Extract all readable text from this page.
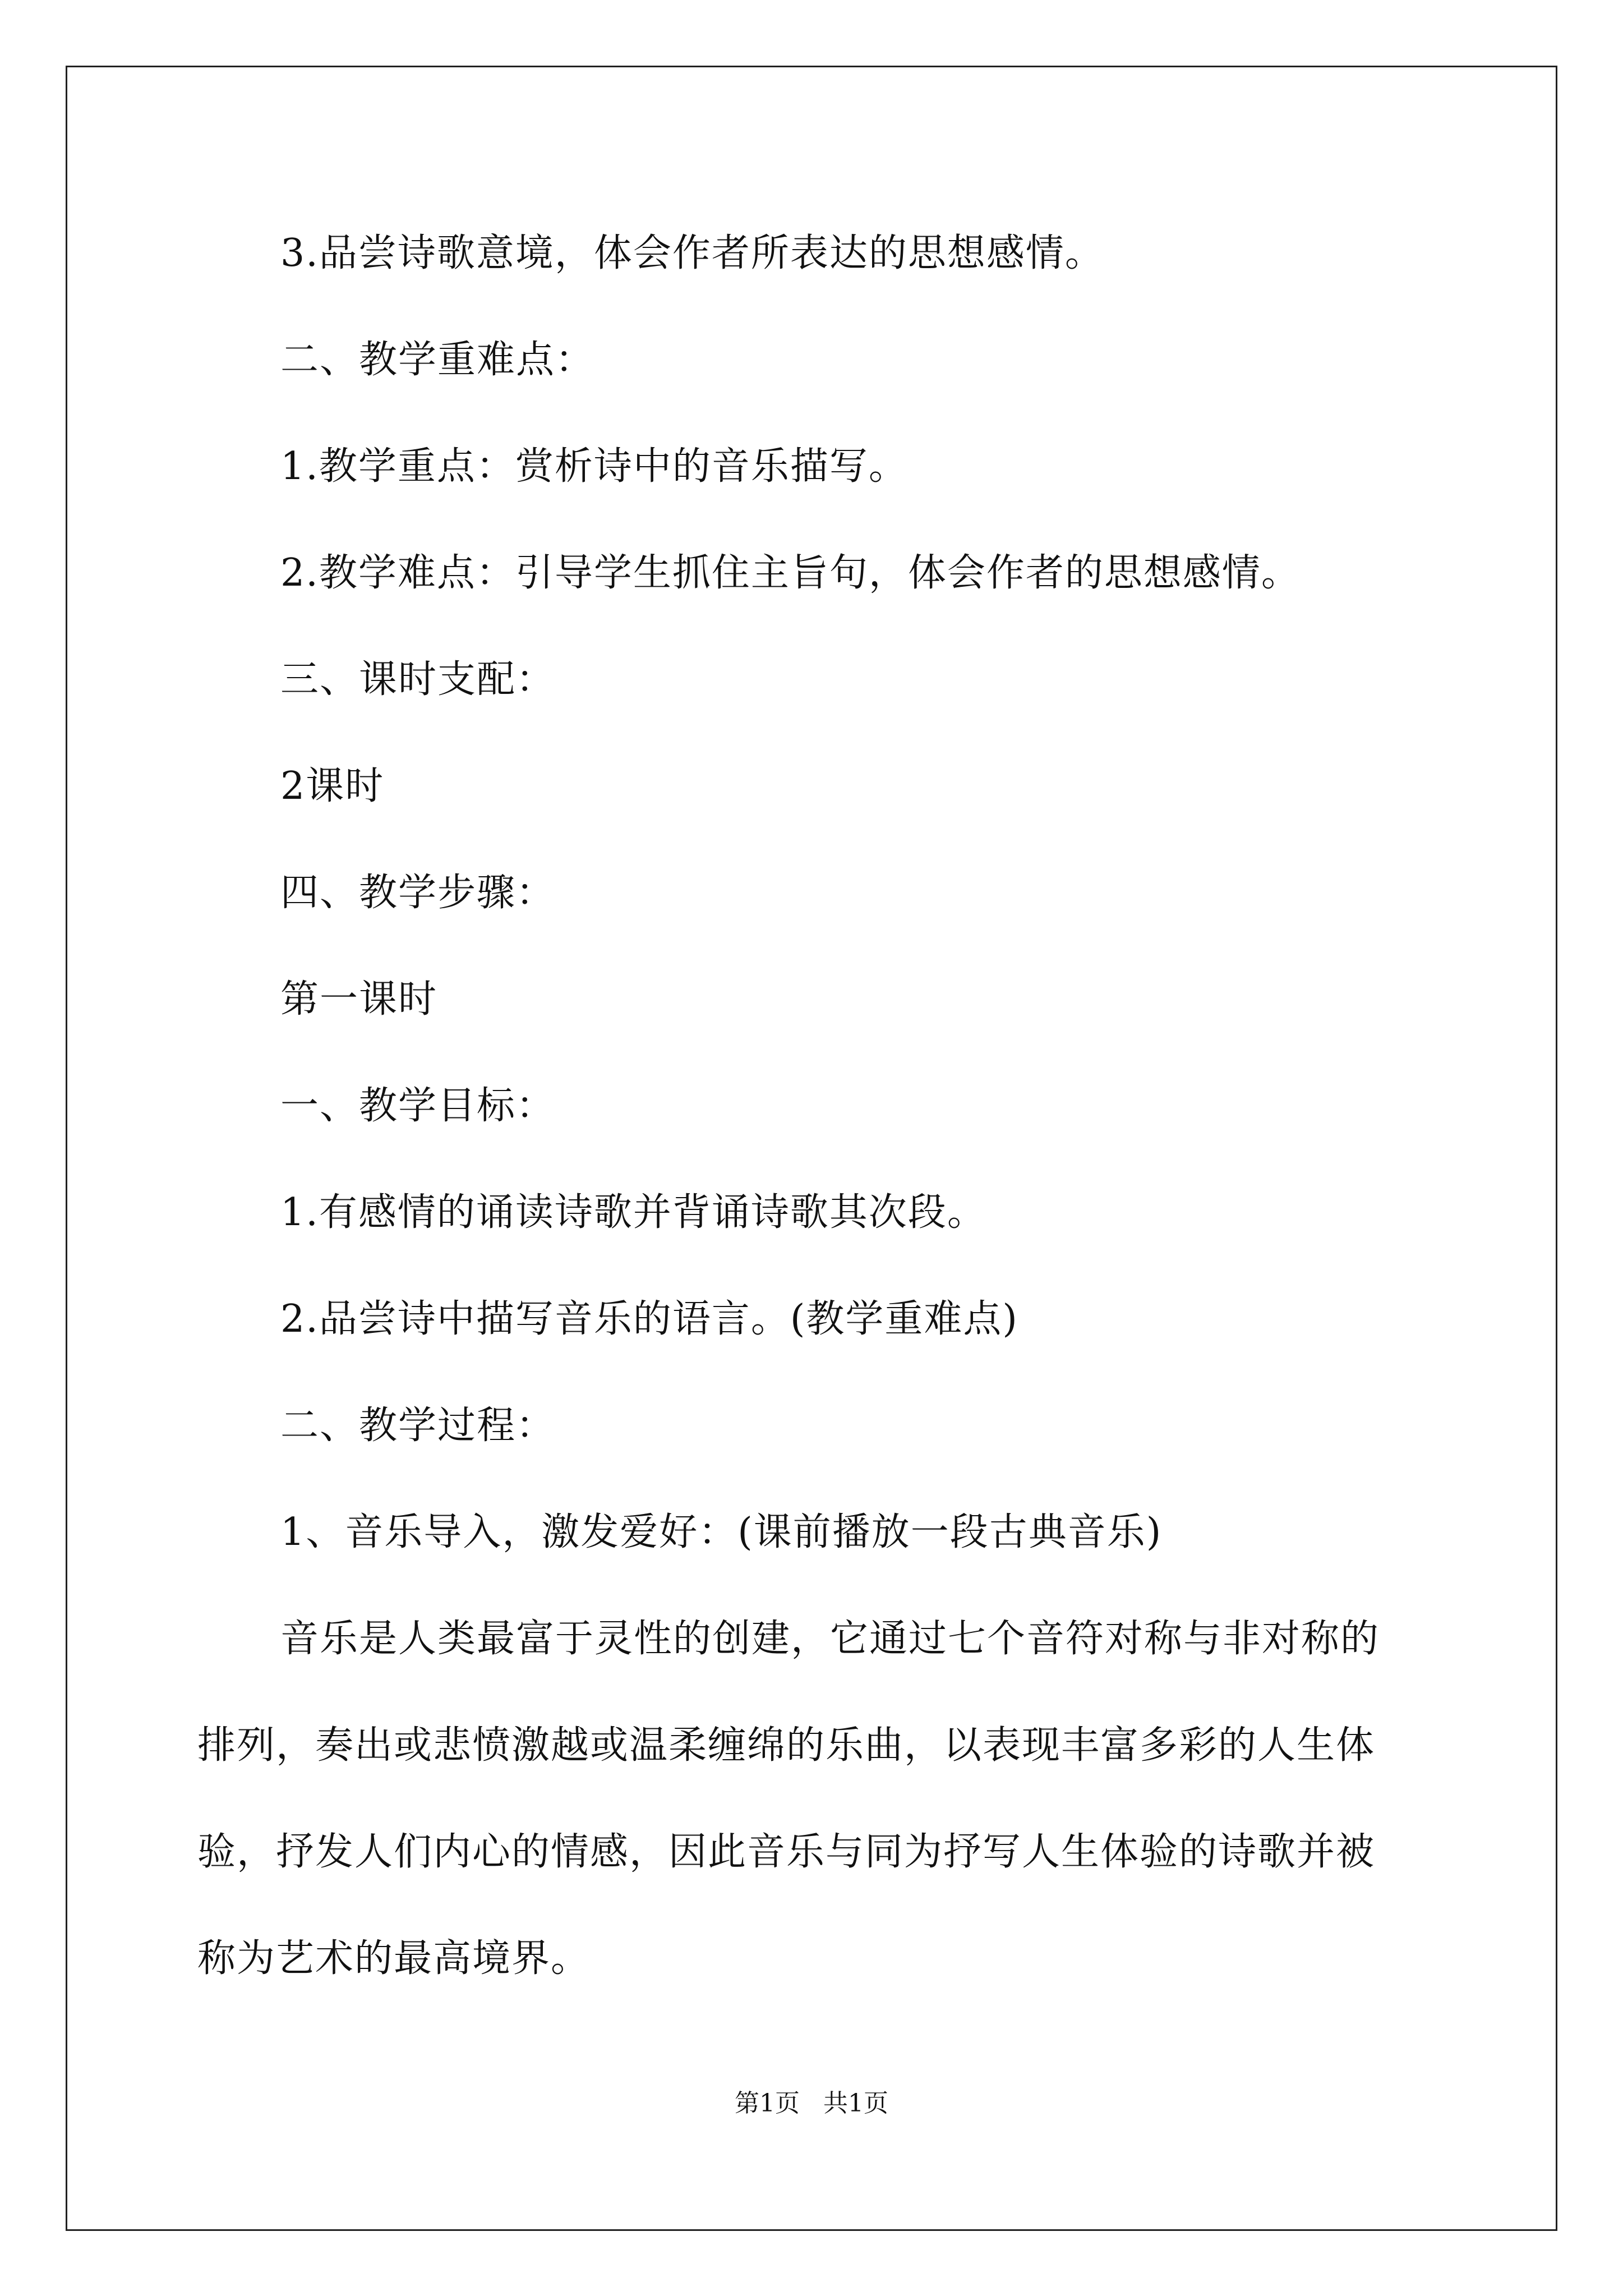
3.品尝诗歌意境，体会作者所表达的思想感情。
二、教学重难点：
1.教学重点：赏析诗中的音乐描写。
2.教学难点：引导学生抓住主旨句，体会作者的思想感情。
三、课时支配：
2课时
四、教学步骤：
第一课时
一、教学目标：
1.有感情的诵读诗歌并背诵诗歌其次段。
2.品尝诗中描写音乐的语言。(教学重难点)
二、教学过程：
1、音乐导入，激发爱好：(课前播放一段古典音乐)
音乐是人类最富于灵性的创建，它通过七个音符对称与非对称的
排列，奏出或悲愤激越或温柔缠绵的乐曲，以表现丰富多彩的人生体
验，抒发人们内心的情感，因此音乐与同为抒写人生体验的诗歌并被
称为艺术的最高境界。
第1页   共1页
